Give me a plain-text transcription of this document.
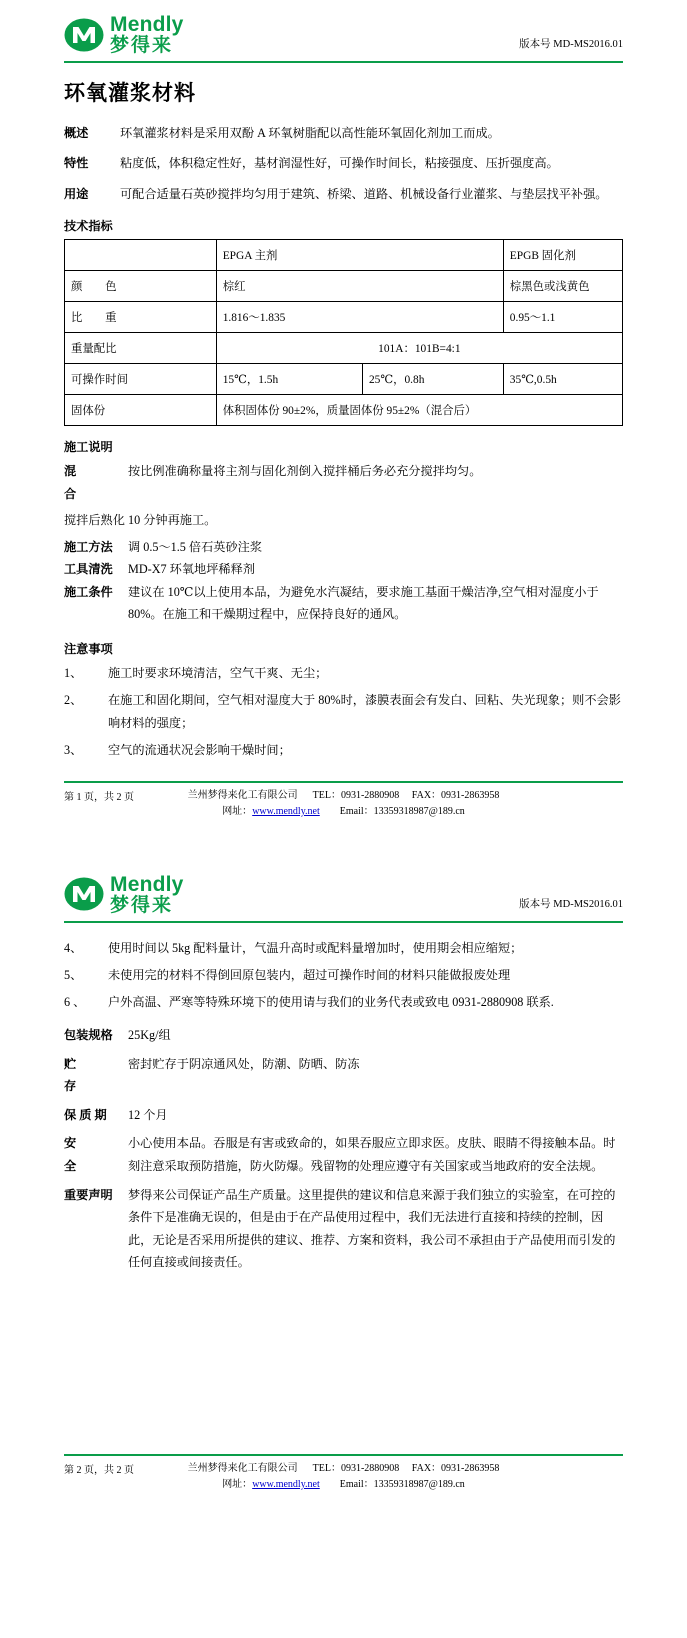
Mendly
梦得来	版本号 MD-MS2016.01
环氧灌浆材料
概述	环氧灌浆材料是采用双酚 A 环氧树脂配以高性能环氧固化剂加工而成。
特性	粘度低，体积稳定性好，基材润湿性好，可操作时间长，粘接强度、压折强度高。
用途	可配合适量石英砂搅拌均匀用于建筑、桥梁、道路、机械设备行业灌浆、与垫层找平补强。
技术指标
	EPGA 主剂		EPGB 固化剂
颜　　色	棕红		棕黑色或浅黄色
比　　重	1.816～1.835		0.95～1.1
重量配比	101A：101B=4:1		
可操作时间	15℃，1.5h	25℃，0.8h	35℃,0.5h
固体份	体积固体份 90±2%，质量固体份 95±2%（混合后）		
施工说明
混　　合
按比例准确称量将主剂与固化剂倒入搅拌桶后务必充分搅拌均匀。
搅拌后熟化 10 分钟再施工。
施工方法	调 0.5～1.5 倍石英砂注浆
工具清洗	MD-X7 环氧地坪稀释剂
施工条件	建议在 10℃以上使用本品，为避免水汽凝结，要求施工基面干燥洁净,空气相对湿度小于 80%。在施工和干燥期过程中，应保持良好的通风。
注意事项
1、	施工时要求环境清洁，空气干爽、无尘；
2、	在施工和固化期间，空气相对湿度大于 80%时，漆膜表面会有发白、回粘、失光现象；则不会影响材料的强度；
3、	空气的流通状况会影响干燥时间；
第 1 页，共 2 页	兰州梦得来化工有限公司 TEL：0931-2880908 FAX：0931-2863958
网址：www.mendly.net Email：13359318987@189.cn
Mendly
梦得来	版本号 MD-MS2016.01
4、	使用时间以 5kg 配料量计，气温升高时或配料量增加时，使用期会相应缩短；
5、	未使用完的材料不得倒回原包装内，超过可操作时间的材料只能做报废处理
6 、	户外高温、严寒等特殊环境下的使用请与我们的业务代表或致电 0931-2880908 联系.
包装规格	25Kg/组
贮　　存
密封贮存于阴凉通风处，防潮、防晒、防冻
保 质 期	12 个月
安　　全
小心使用本品。吞服是有害或致命的，如果吞服应立即求医。皮肤、眼睛不得接触本品。时刻注意采取预防措施，防火防爆。残留物的处理应遵守有关国家或当地政府的安全法规。
重要声明	梦得来公司保证产品生产质量。这里提供的建议和信息来源于我们独立的实验室，在可控的条件下是准确无误的，但是由于在产品使用过程中，我们无法进行直接和持续的控制，因此，无论是否采用所提供的建议、推荐、方案和资料，我公司不承担由于产品使用而引发的任何直接或间接责任。
第 2 页，共 2 页	兰州梦得来化工有限公司 TEL：0931-2880908 FAX：0931-2863958
网址：www.mendly.net Email：13359318987@189.cn
